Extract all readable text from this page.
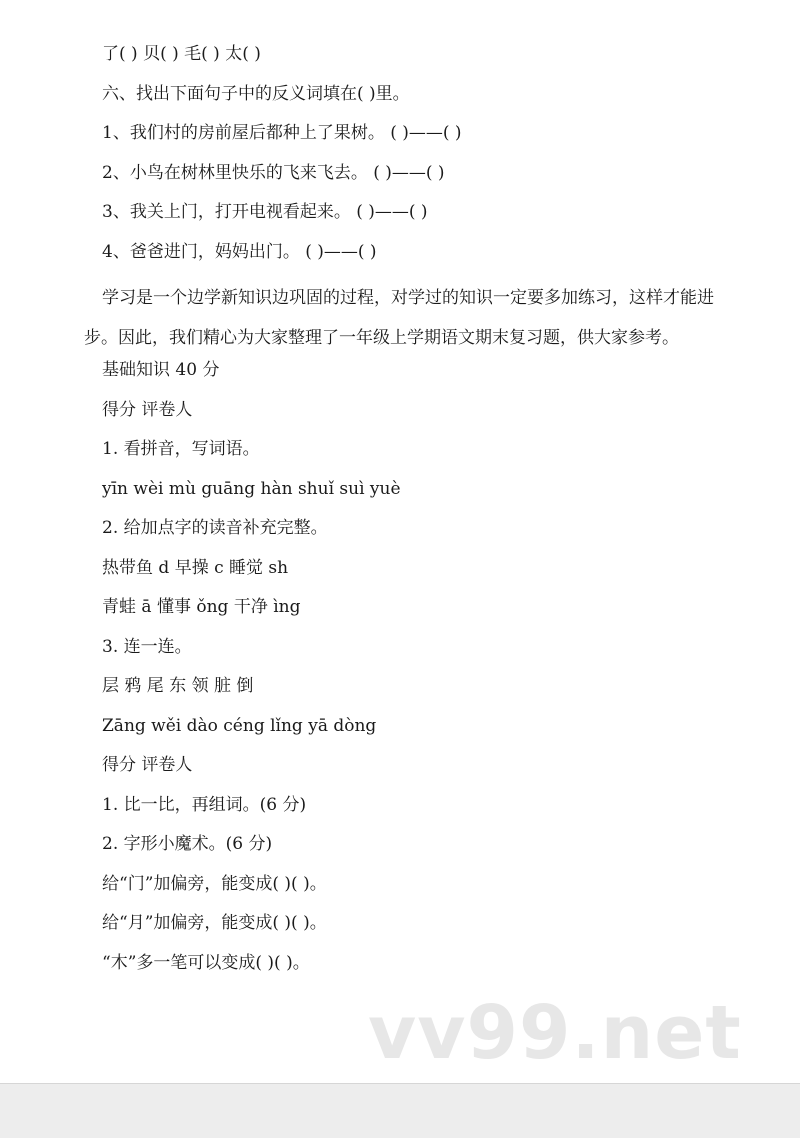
了( ) 贝( ) 毛( ) 太( )
六、找出下面句子中的反义词填在( )里。
1、我们村的房前屋后都种上了果树。 ( )——( )
2、小鸟在树林里快乐的飞来飞去。 ( )——( )
3、我关上门，打开电视看起来。 ( )——( )
4、爸爸进门，妈妈出门。 ( )——( )

学习是一个边学新知识边巩固的过程，对学过的知识一定要多加练习，这样才能进步。因此，我们精心为大家整理了一年级上学期语文期末复习题，供大家参考。

基础知识 40 分
得分 评卷人
1. 看拼音，写词语。
yīn wèi mù guāng hàn shuǐ suì yuè
2. 给加点字的读音补充完整。
热带鱼 d 早操 c 睡觉 sh
青蛙 ā 懂事 ǒng 干净 ìng
3. 连一连。
层 鸦 尾 东 领 脏 倒
Zāng wěi dào céng lǐng yā dòng
得分 评卷人
1. 比一比，再组词。(6 分)
2. 字形小魔术。(6 分)
给“门”加偏旁，能变成( )( )。
给“月”加偏旁，能变成( )( )。
“木”多一笔可以变成( )( )。
vv99.net
